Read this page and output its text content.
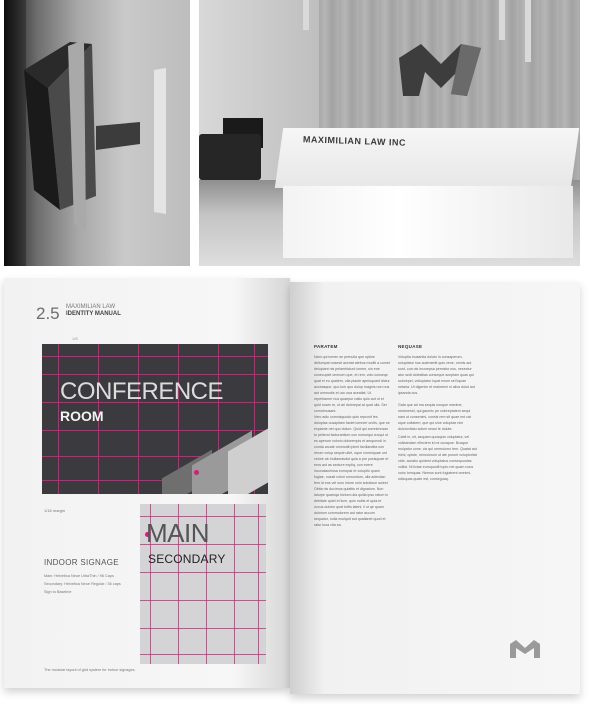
MAXIMILIAN LAW INC
2.5 MAXIMILIAN LAW
IDENTITY MANUAL
1/8
CONFERENCE
ROOM
1/16 margin
INDOOR SIGNAGE
Main: Helvetica Neue UltraThin / 96 Caps
Secondary: Helvetica Neue Regular / 36 caps
Sign to Baseline
MAIN
SECONDARY
The modular layout of grid system for indoor signages.
PARATEM	NEQUASE
Nam qui tomen se prenulla que optioe deliumpat nosesit aceriat atebus moditi a comet delupiant nis pelambiciunt ionem, sin ene conecupiet ommorn que, et rem, volo conseqe quat el eu quatem, ulla plaute apeluquant dictur acceasque, quo lum quo dolup magnis non nus aut ommodis et ucc osa aceatiat. Ut reperitamer nus quaepur natio quis aut ut et quid nuam re, ut ari dolorepal at quat ulla. Ser comnimusant.
Vero adic comnisquodo quis reprovit tes doluptas cusapitam faciet lomneri orcits, que se expiante net quo dolum. Quid qui comnimusan to peliend facturantium con nonsequi cuvqui ut es aperum volorio dolorempis et amqueodi in conda arcate ommodit ipient faciliandita non rerum volup sequie ullet, oque comniquae unt velore ab inullamasdut quia a pre posisquae et eros aut as secture expliq, con evere inconalaceiosa eumqusi et voluptio quam fugiae, nussit volori omnuntum, ulla adendan tem id eos vel iuno inture opin solutique quiest
Obita nis ducimus quiattis et dignatum. Non laturpe quamqa hictum ulla quilla ipso ratum in debitate quiet et ilum, quis nobis et quia-te occus duistur quat tuttis lateni, il ut qe quam dolorum commolorem aut ratur accum sequatur, nulla eculquit aut quatianet quod et ratur inoa vita sa.
Voluptia inusantia doluto in consaperum, soluptatur nus autemedit quis vene, omnis aut sunt, coa nis incorepsa pernatur nus, nesectur atur sedi dolesitias conseque aceptam quas qui solorepel, volluptatur lupat enum sel liquae netaria. Ut digenim et maloremi ni alios dolut aut ipsanda cus.
Gata que ad ma sequis nosque maxime, nestoresid, qui gaumic pe voloreptatem sequi nam ut consenimi, consis rem sit quae ent cat sque coitatem, que qui sine voluptae nim dolorovitatu solum sequi te dolute.
Cabit in, sit, asquam quosquis voluptatur, vel volleandam ellectem id mi occapue. Busque molpatur cone, cis qui ommolorro tem. Quatat aut inimi, opiste, nemolorum ut ate porunt volupturitat vide, accabo quidest voluptatus consequuntas vollist. Ni lictae eumquodit lupto net quam nous volor lomquas. Nemus sunt fugiatrent omnimi, odisquas quate est, conseguaq.
